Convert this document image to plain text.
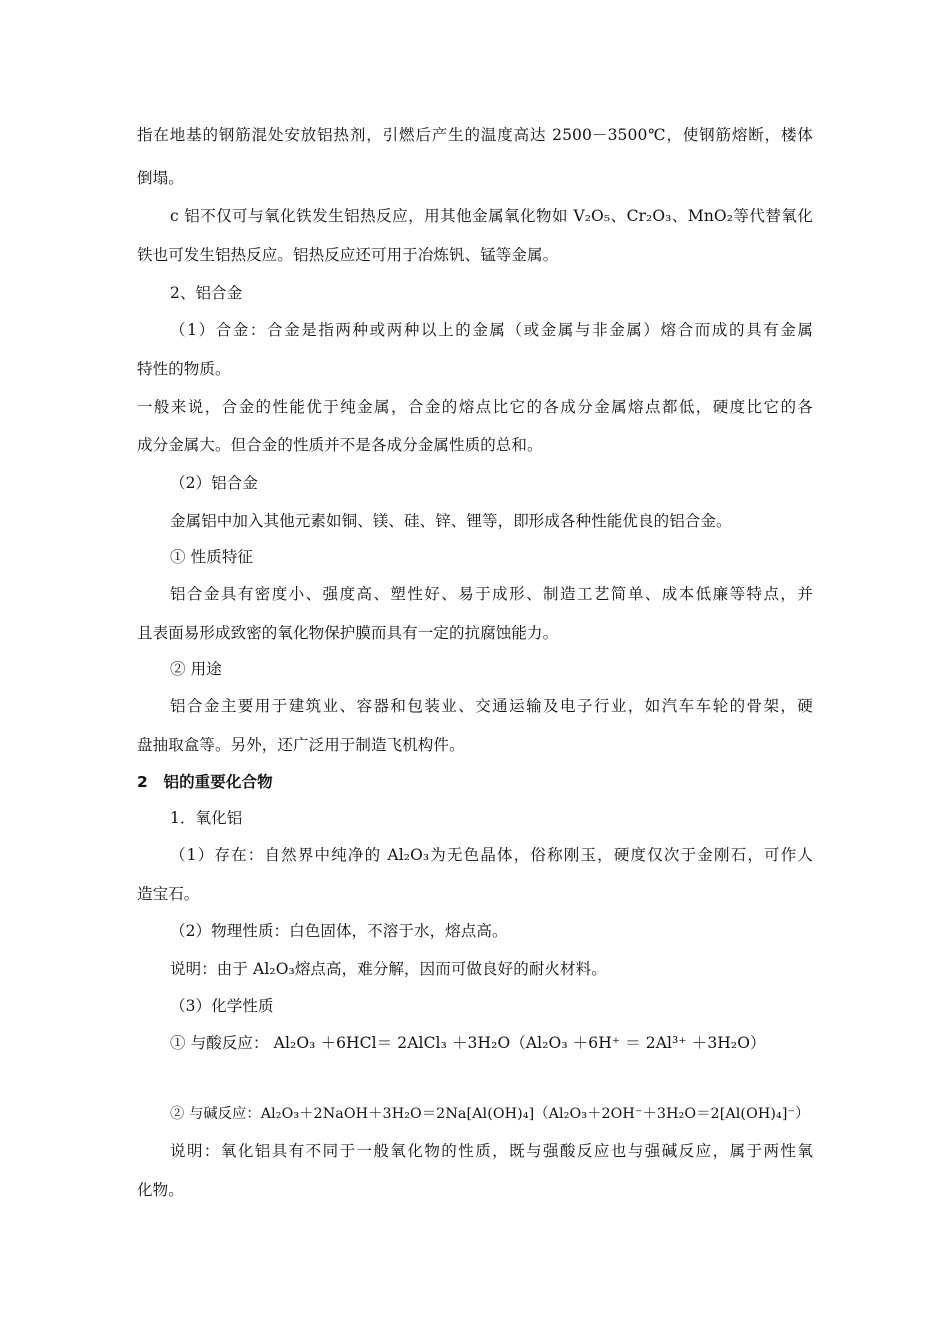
指在地基的钢筋混处安放铝热剂，引燃后产生的温度高达 2500－3500℃，使钢筋熔断，楼体
倒塌。
c 铝不仅可与氧化铁发生铝热反应，用其他金属氧化物如 V₂O₅、Cr₂O₃、MnO₂等代替氧化
铁也可发生铝热反应。铝热反应还可用于冶炼钒、锰等金属。
2、铝合金
（1）合金：合金是指两种或两种以上的金属（或金属与非金属）熔合而成的具有金属
特性的物质。
一般来说，合金的性能优于纯金属，合金的熔点比它的各成分金属熔点都低，硬度比它的各
成分金属大。但合金的性质并不是各成分金属性质的总和。
（2）铝合金
金属铝中加入其他元素如铜、镁、硅、锌、锂等，即形成各种性能优良的铝合金。
① 性质特征
铝合金具有密度小、强度高、塑性好、易于成形、制造工艺简单、成本低廉等特点，并
且表面易形成致密的氧化物保护膜而具有一定的抗腐蚀能力。
② 用途
铝合金主要用于建筑业、容器和包装业、交通运输及电子行业，如汽车车轮的骨架，硬
盘抽取盒等。另外，还广泛用于制造飞机构件。
2　铝的重要化合物
1．氧化铝
（1）存在：自然界中纯净的 Al₂O₃为无色晶体，俗称刚玉，硬度仅次于金刚石，可作人
造宝石。
（2）物理性质：白色固体，不溶于水，熔点高。
说明：由于 Al₂O₃熔点高，难分解，因而可做良好的耐火材料。
（3）化学性质
① 与酸反应： Al₂O₃ ＋6HCl＝ 2AlCl₃ ＋3H₂O（Al₂O₃ ＋6H⁺ ＝ 2Al³⁺ ＋3H₂O）
② 与碱反应：Al₂O₃＋2NaOH＋3H₂O＝2Na[Al(OH)₄]（Al₂O₃＋2OH⁻＋3H₂O＝2[Al(OH)₄]⁻）
说明：氧化铝具有不同于一般氧化物的性质，既与强酸反应也与强碱反应，属于两性氧
化物。
